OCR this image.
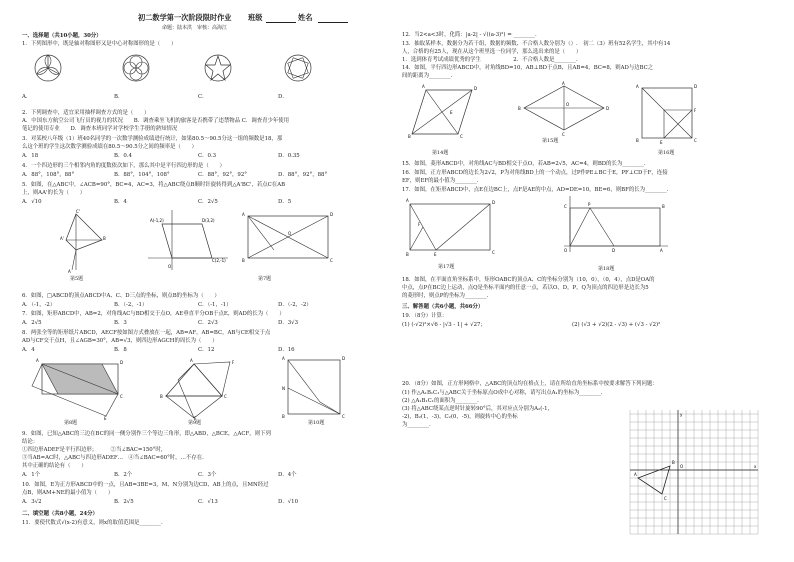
初二数学第一次阶段限时作业 班级	姓名
命题：陆本洪　审核：高海江
一、选择题（共10小题，30分）
1．下列图形中，既是轴对称图形又是中心对称图形的是（　　）
A．	B．	C．	D．
2．下列调查中，适宜采用抽样调查方式的是（　　）
A．中国东方航空公司飞行员的视力的状况　　B．调查乘坐飞机的旅客是否携带了违禁物品 C．调查青少年使用
笔记的使用专业　　D．调查本班同学对学校学生手册的熟知情况
3．对某校八年级（1）班40名同学的一次数学测验成绩进行统计，如果80.5～90.5分这一组的频数是18，那
么这个班的学生这次数学测验成绩在80.5～90.5分之间的频率是（　　）
A．18	B．0.4	C．0.3	D．0.35
4．一个四边形的三个相邻内角的度数依次如下，那么其中是平行四边形的是（　　）
A．88°，108°，88°	B．88°，104°，108°	C．88°，92°，92°	D．88°，92°，88°
5．如图，在△ABC中，∠ACB=90°，BC=4，AC=3，将△ABC绕点B顺时针旋转得到△A'BC'，若点C在AB
上，则AA'的长为（　　）
A．√10	B．4	C．2√5	D．5
A'
C'
B
A
A(-1,2)	D(3,2)
C(2,-1)
O
A	D
B	C
O
第5题	第7题
6．如图，□ABCD的顶点ABCD中A、C、D三点的坐标，则点B的坐标为（　　）
A．（-1，-2）	B．（-2，-1）	C．（-1，-1）	D．（-2，-2）
7．如图，矩形ABCD中，AB=2，对角线AC与BD相交于点O，AE垂直平分OB于点E，则AD的长为（　　）
A．2√5	B．3	C．2√3	D．3√3
8．两张全等的矩形纸片ABCD，AECF按如图方式叠放在一起，AB=AF，AB=BC，AB与CE相交于点
AD与CF交于点H，且∠AGB=30°，AB=√3，则四边形AGCH的周长为（　　）
A．4	B．8	C．12	D．16
A	D
C
E
A	F
B	C
E
A	D
B	C
N
第8题	第9题	第10题
9．如图，已知△ABC的三边在BC的同一侧分别作三个等边三角形，即△ABD，△BCE，△ACF，则下列
结论：
①四边形ADEF是平行四边形；　　　②当∠BAC=150°时，
③当AB=AC时，△ABC与四边形ADEF…　④当∠BAC=60°时，…不存在.
其中正确的结论有（　　）
A．1个	B．2个	C．3个	D．4个
10．如图，E为正方形ABCD中的一点，且AB=3BE=3，M、N分别为边CD、AB上的点，且MN经过
点B，则AM+NE的最小值为（　　）
A．3√2	B．2√5	C．√13	D．√10
二、填空题（共8小题，24分）
11．要使代数式√(x-2)有意义，则x的取值范围是________.
12．当2<a<3时，化简：|a-2| - √((a-3)²) = ________.
13．抽取某样本，数据分为若干组，数据的频数、不合格人数分别为（）.　初二（3）班有52名学生，其中有14
人，合格的有25人，现在从这个班里选一位同学，那么选出来的是（　　）
1．选到体育考试成绩优秀的学生　　　　　　2．不合格人数是________.
14．如图，平行四边形ABCD中，对角线BD=10，AB⊥BD于点B，且AB=4，BC=8，则AD与边BC之
间的距离为________.
A	D
B	C
E
A
D
B
C
O
A	D
B	C
E
F
第14题
第15题
第16题
15．如图，菱形ABCD中，对角线AC与BD相交于点O，若AB=2√5，AC=4，则BD的长为________.
16．如图，正方形ABCD的边长为2√2，P为对角线BD上的一个动点，过P作PE⊥BC于E，PF⊥CD于F，连接
EF，则EF的最小值为________.
17．如图，在矩形ABCD中，点E在边BC上，点F是AE的中点，AD=DE=10，BE=6，则BF的长为________.
A	D
B	C
E
F
C	B
O	D	A
P
第17题	第18题
18．如图，在平面直角坐标系中，矩形OABC的顶点A、C的坐标分别为（10，0），（0，4），点D是OA的
中点，点P在BC边上运动，点Q是坐标平面内的任意一点，若以O，D，P，Q为顶点的四边形是边长为5
的菱形时，则点P的坐标为________.
三、解答题（共6小题，共66分）
19．（8分）计算：
(1) (-√2)²×√6 - |√3 - 1| + √27；	(2) (√3 + √2)(2 - √3) + (√3 - √2)²
20．（8分）如图，正方形网格中，△ABC的顶点均在格点上，请在所给直角坐标系中按要求解答下列问题：
(1) 作△A₁B₁C₁与△ABC关于坐标原点O成中心对称，请写出点A₁的坐标为________.
(2) △A₁B₁C₁的面积为________.
(3) 将△ABC绕某点逆时针旋转90°后，其对应点分别为A₂(-1，
-2)，B₂(1，-3)，C₂(0，-5)，则旋转中心的坐标
为________.
O	x
y
C
B
A
